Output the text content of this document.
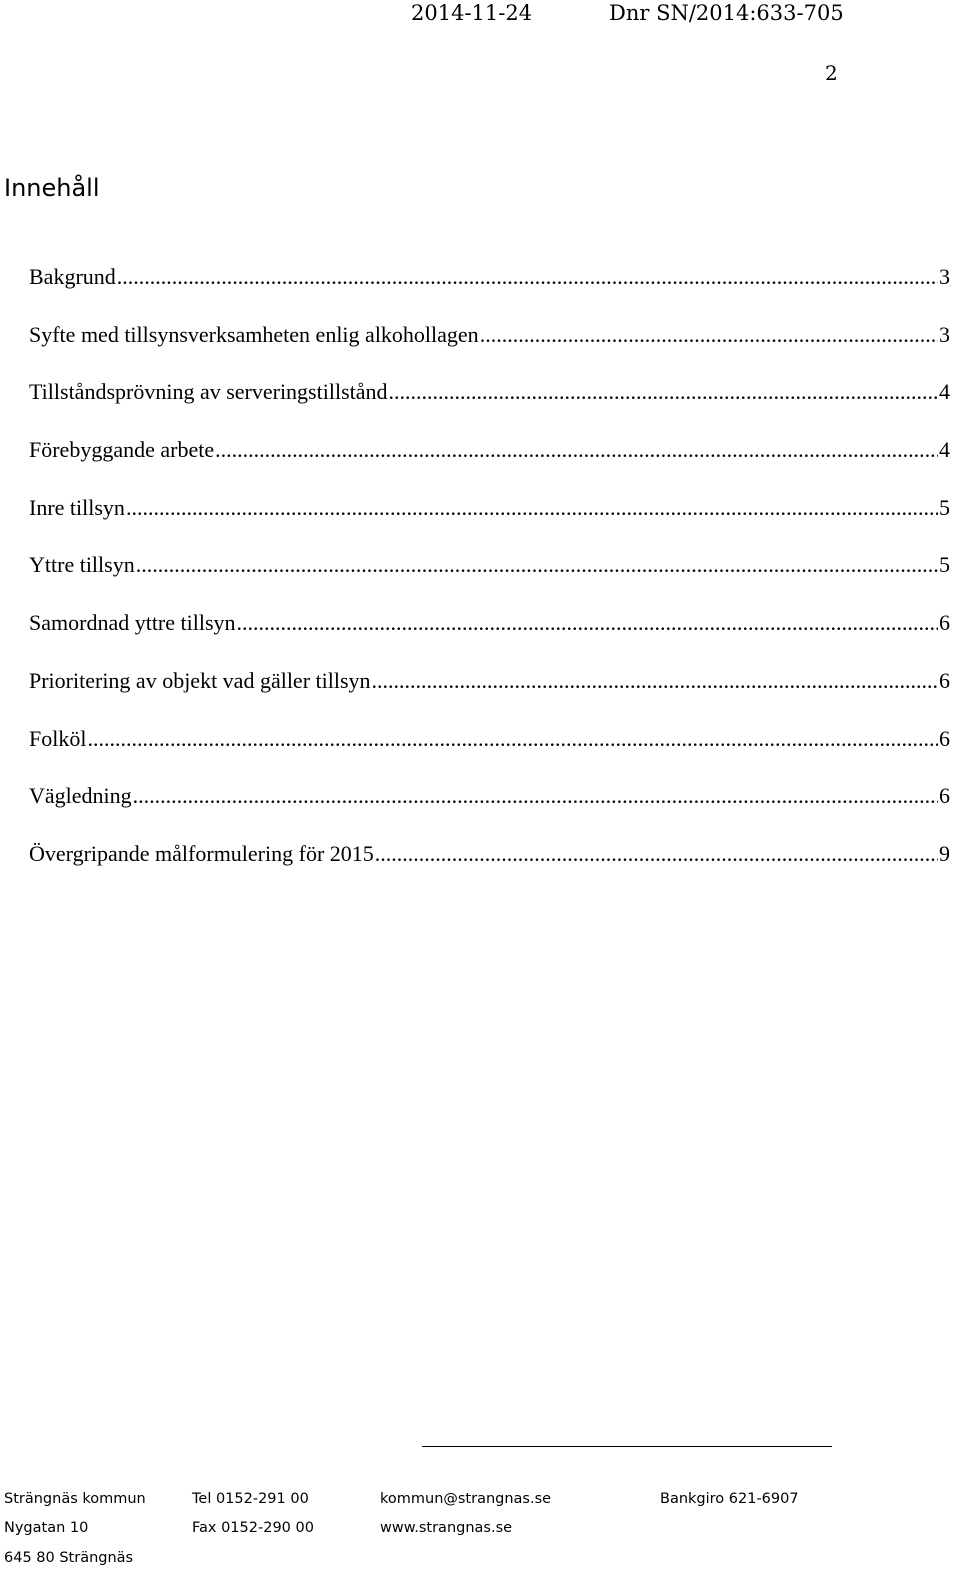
2014-11-24	Dnr SN/2014:633-705
2
Innehåll
Bakgrund .....	3
Syfte med tillsynsverksamheten enlig alkohollagen .....	3
Tillståndsprövning av serveringstillstånd .....	4
Förebyggande arbete .....	4
Inre tillsyn .....	5
Yttre tillsyn .....	5
Samordnad yttre tillsyn .....	6
Prioritering av objekt vad gäller tillsyn .....	6
Folköl .....	6
Vägledning .....	6
Övergripande målformulering för 2015 .....	9
Strängnäs kommun
Nygatan 10
645 80 Strängnäs
Tel 0152-291 00
Fax 0152-290 00
kommun@strangnas.se
www.strangnas.se
Bankgiro 621-6907
